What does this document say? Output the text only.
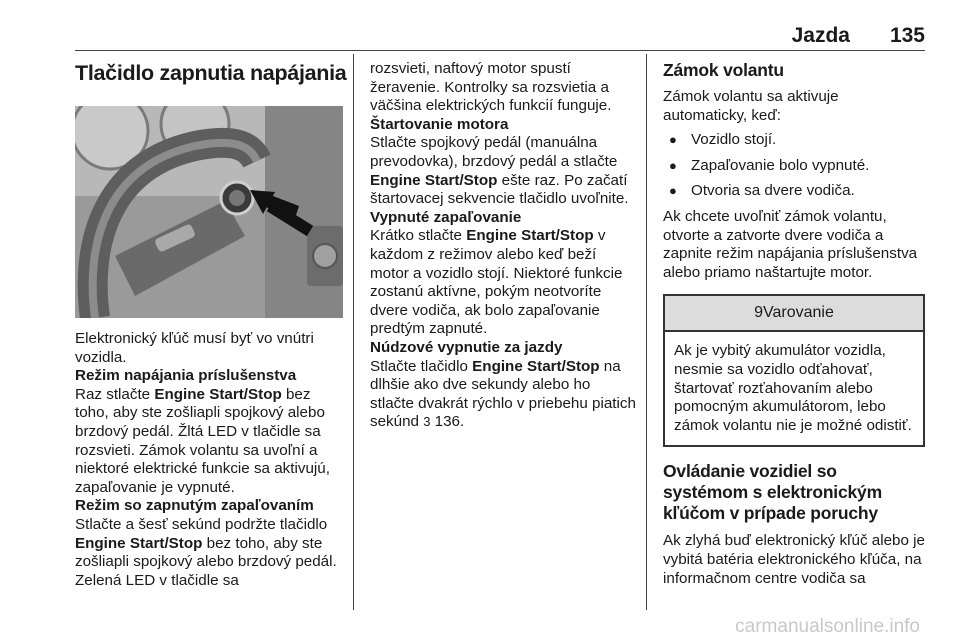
Jazda 135

Tlačidlo zapnutia napájania

Elektronický kľúč musí byť vo vnútri vozidla.

Režim napájania príslušenstva

Raz stlačte Engine Start/Stop bez toho, aby ste zošliapli spojkový alebo brzdový pedál. Žltá LED v tlačidle sa rozsvieti. Zámok volantu sa uvoľní a niektoré elektrické funkcie sa aktivujú, zapaľovanie je vypnuté.

Režim so zapnutým zapaľovaním

Stlačte a šesť sekúnd podržte tlačidlo Engine Start/Stop bez toho, aby ste zošliapli spojkový alebo brzdový pedál. Zelená LED v tlačidle sa

rozsvieti, naftový motor spustí žeravenie. Kontrolky sa rozsvietia a väčšina elektrických funkcií funguje.

Štartovanie motora

Stlačte spojkový pedál (manuálna prevodovka), brzdový pedál a stlačte Engine Start/Stop ešte raz. Po začatí štartovacej sekvencie tlačidlo uvoľnite.

Vypnuté zapaľovanie

Krátko stlačte Engine Start/Stop v každom z režimov alebo keď beží motor a vozidlo stojí. Niektoré funkcie zostanú aktívne, pokým neotvoríte dvere vodiča, ak bolo zapaľovanie predtým zapnuté.

Núdzové vypnutie za jazdy

Stlačte tlačidlo Engine Start/Stop na dlhšie ako dve sekundy alebo ho stlačte dvakrát rýchlo v priebehu piatich sekúnd 3 136.

Zámok volantu

Zámok volantu sa aktivuje automaticky, keď:

● Vozidlo stojí.
● Zapaľovanie bolo vypnuté.
● Otvoria sa dvere vodiča.

Ak chcete uvoľniť zámok volantu, otvorte a zatvorte dvere vodiča a zapnite režim napájania príslušenstva alebo priamo naštartujte motor.

9Varovanie
Ak je vybitý akumulátor vozidla, nesmie sa vozidlo odťahovať, štartovať rozťahovaním alebo pomocným akumulátorom, lebo zámok volantu nie je možné odistiť.

Ovládanie vozidiel so systémom s elektronickým kľúčom v prípade poruchy

Ak zlyhá buď elektronický kľúč alebo je vybitá batéria elektronického kľúča, na informačnom centre vodiča sa

carmanualsonline.info
